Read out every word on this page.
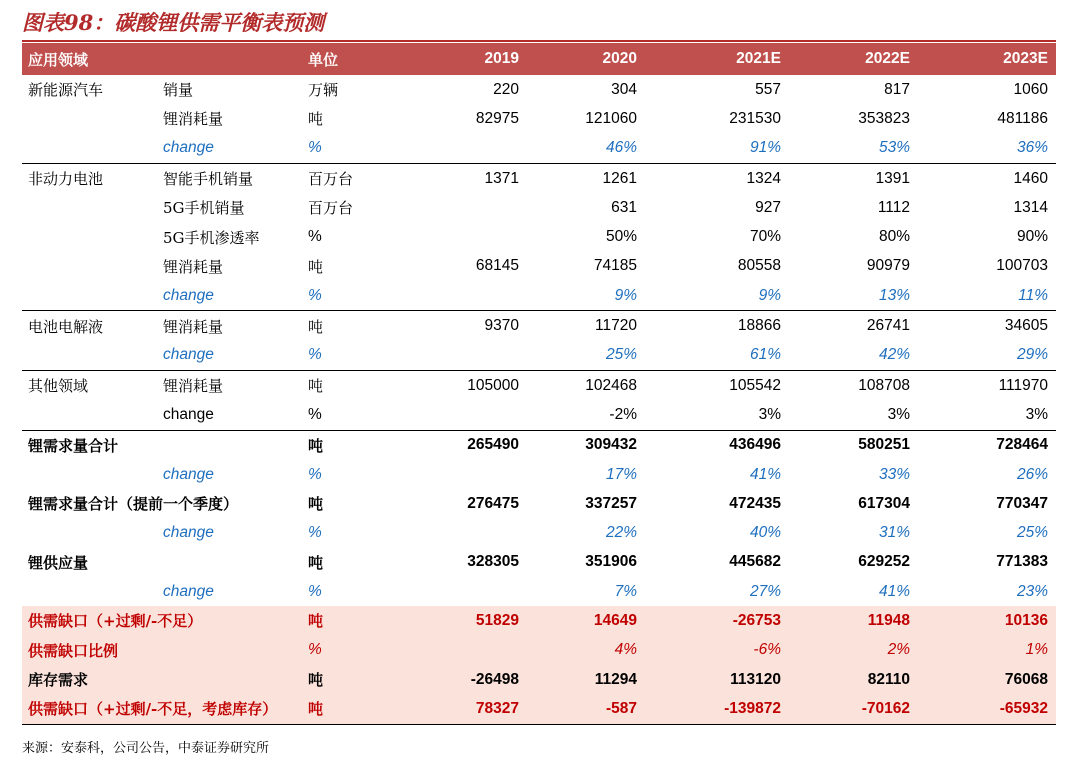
图表98：碳酸锂供需平衡表预测
应用领域		单位	2019	2020	2021E	2022E	2023E
新能源汽车	销量	万辆	220	304	557	817	1060
	锂消耗量	吨	82975	121060	231530	353823	481186
	change	%		46%	91%	53%	36%
非动力电池	智能手机销量	百万台	1371	1261	1324	1391	1460
	5G手机销量	百万台		631	927	1112	1314
	5G手机渗透率	%		50%	70%	80%	90%
	锂消耗量	吨	68145	74185	80558	90979	100703
	change	%		9%	9%	13%	11%
电池电解液	锂消耗量	吨	9370	11720	18866	26741	34605
	change	%		25%	61%	42%	29%
其他领域	锂消耗量	吨	105000	102468	105542	108708	111970
	change	%		-2%	3%	3%	3%
锂需求量合计		吨	265490	309432	436496	580251	728464
	change	%		17%	41%	33%	26%
锂需求量合计（提前一个季度）		吨	276475	337257	472435	617304	770347
	change	%		22%	40%	31%	25%
锂供应量		吨	328305	351906	445682	629252	771383
	change	%		7%	27%	41%	23%
供需缺口（+过剩/-不足）		吨	51829	14649	-26753	11948	10136
供需缺口比例		%		4%	-6%	2%	1%
库存需求		吨	-26498	11294	113120	82110	76068
供需缺口（+过剩/-不足，考虑库存）		吨	78327	-587	-139872	-70162	-65932
来源：安泰科，公司公告，中泰证券研究所
